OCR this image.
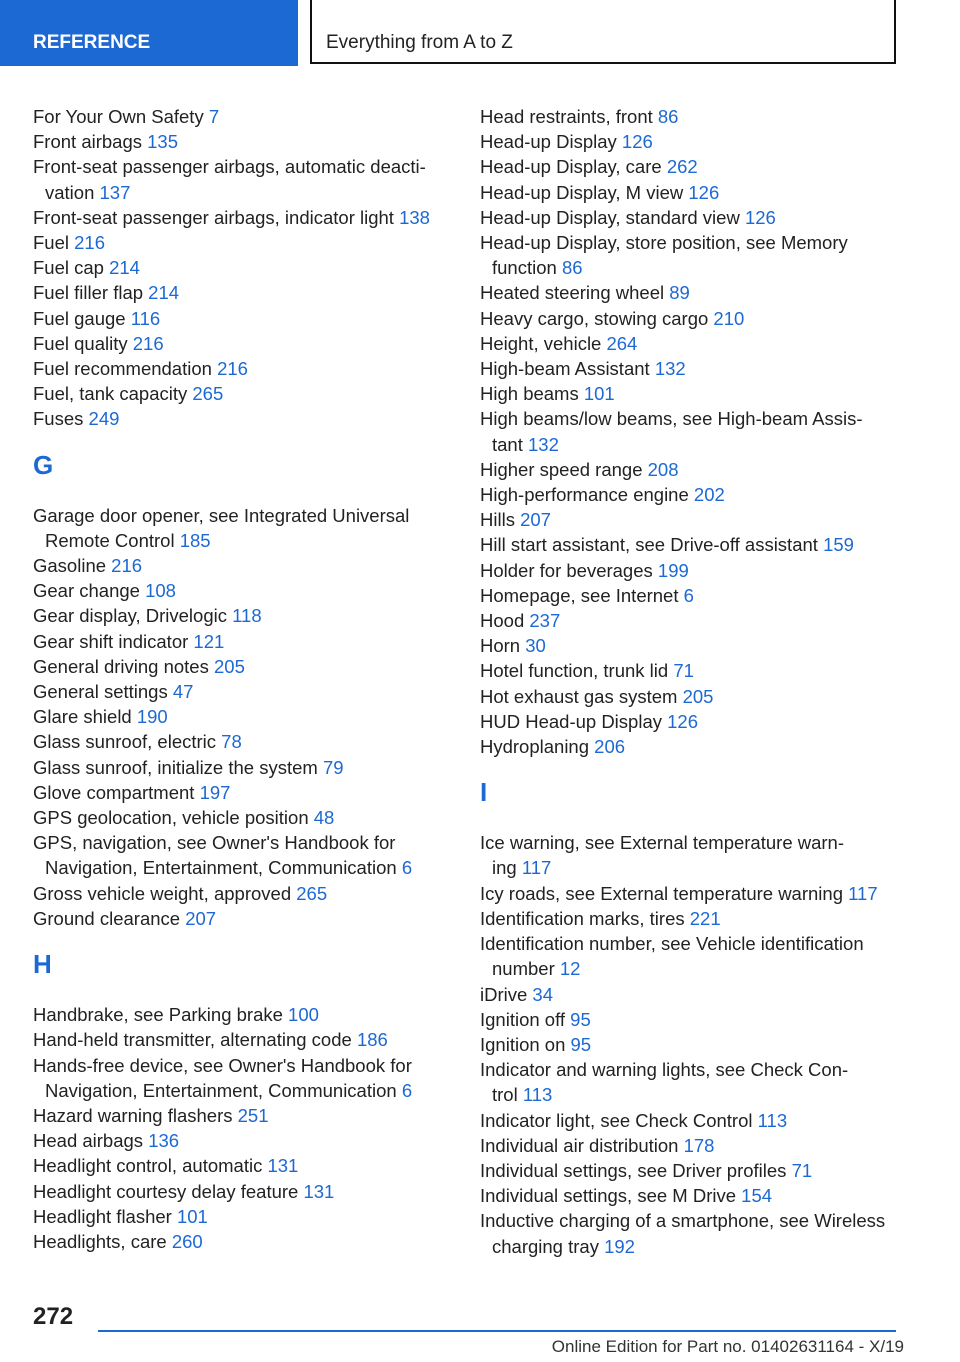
REFERENCE	Everything from A to Z
For Your Own Safety 7
Front airbags 135
Front-seat passenger airbags, automatic deacti-
vation 137
Front-seat passenger airbags, indicator light 138
Fuel 216
Fuel cap 214
Fuel filler flap 214
Fuel gauge 116
Fuel quality 216
Fuel recommendation 216
Fuel, tank capacity 265
Fuses 249
G
Garage door opener, see Integrated Universal
Remote Control 185
Gasoline 216
Gear change 108
Gear display, Drivelogic 118
Gear shift indicator 121
General driving notes 205
General settings 47
Glare shield 190
Glass sunroof, electric 78
Glass sunroof, initialize the system 79
Glove compartment 197
GPS geolocation, vehicle position 48
GPS, navigation, see Owner's Handbook for
Navigation, Entertainment, Communication 6
Gross vehicle weight, approved 265
Ground clearance 207
H
Handbrake, see Parking brake 100
Hand-held transmitter, alternating code 186
Hands-free device, see Owner's Handbook for
Navigation, Entertainment, Communication 6
Hazard warning flashers 251
Head airbags 136
Headlight control, automatic 131
Headlight courtesy delay feature 131
Headlight flasher 101
Headlights, care 260
Head restraints, front 86
Head-up Display 126
Head-up Display, care 262
Head-up Display, M view 126
Head-up Display, standard view 126
Head-up Display, store position, see Memory
function 86
Heated steering wheel 89
Heavy cargo, stowing cargo 210
Height, vehicle 264
High-beam Assistant 132
High beams 101
High beams/low beams, see High-beam Assis-
tant 132
Higher speed range 208
High-performance engine 202
Hills 207
Hill start assistant, see Drive-off assistant 159
Holder for beverages 199
Homepage, see Internet 6
Hood 237
Horn 30
Hotel function, trunk lid 71
Hot exhaust gas system 205
HUD Head-up Display 126
Hydroplaning 206
I
Ice warning, see External temperature warn-
ing 117
Icy roads, see External temperature warning 117
Identification marks, tires 221
Identification number, see Vehicle identification
number 12
iDrive 34
Ignition off 95
Ignition on 95
Indicator and warning lights, see Check Con-
trol 113
Indicator light, see Check Control 113
Individual air distribution 178
Individual settings, see Driver profiles 71
Individual settings, see M Drive 154
Inductive charging of a smartphone, see Wireless
charging tray 192
272
Online Edition for Part no. 01402631164 - X/19
